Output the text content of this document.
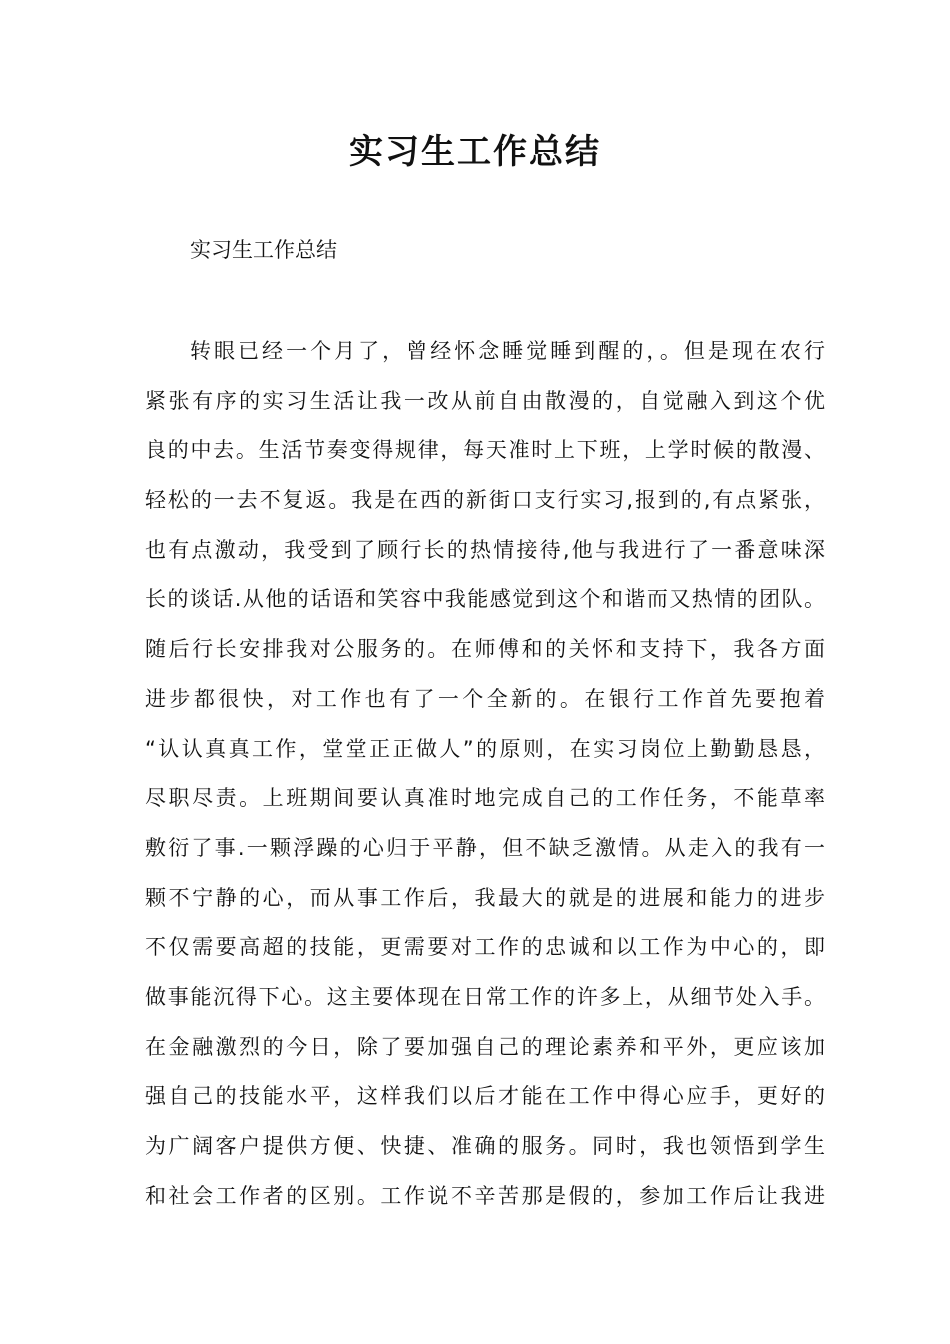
实习生工作总结

实习生工作总结

转眼已经一个月了，曾经怀念睡觉睡到醒的，。但是现在农行
紧张有序的实习生活让我一改从前自由散漫的，自觉融入到这个优
良的中去。生活节奏变得规律，每天准时上下班，上学时候的散漫、
轻松的一去不复返。我是在西的新街口支行实习,报到的,有点紧张，
也有点激动，我受到了顾行长的热情接待,他与我进行了一番意味深
长的谈话.从他的话语和笑容中我能感觉到这个和谐而又热情的团队。
随后行长安排我对公服务的。在师傅和的关怀和支持下，我各方面
进步都很快，对工作也有了一个全新的。在银行工作首先要抱着
“认认真真工作，堂堂正正做人”的原则，在实习岗位上勤勤恳恳，
尽职尽责。上班期间要认真准时地完成自己的工作任务，不能草率
敷衍了事.一颗浮躁的心归于平静，但不缺乏激情。从走入的我有一
颗不宁静的心，而从事工作后，我最大的就是的进展和能力的进步
不仅需要高超的技能，更需要对工作的忠诚和以工作为中心的，即
做事能沉得下心。这主要体现在日常工作的许多上，从细节处入手。
在金融激烈的今日，除了要加强自己的理论素养和平外，更应该加
强自己的技能水平，这样我们以后才能在工作中得心应手，更好的
为广阔客户提供方便、快捷、准确的服务。同时，我也领悟到学生
和社会工作者的区别。工作说不辛苦那是假的，参加工作后让我进
